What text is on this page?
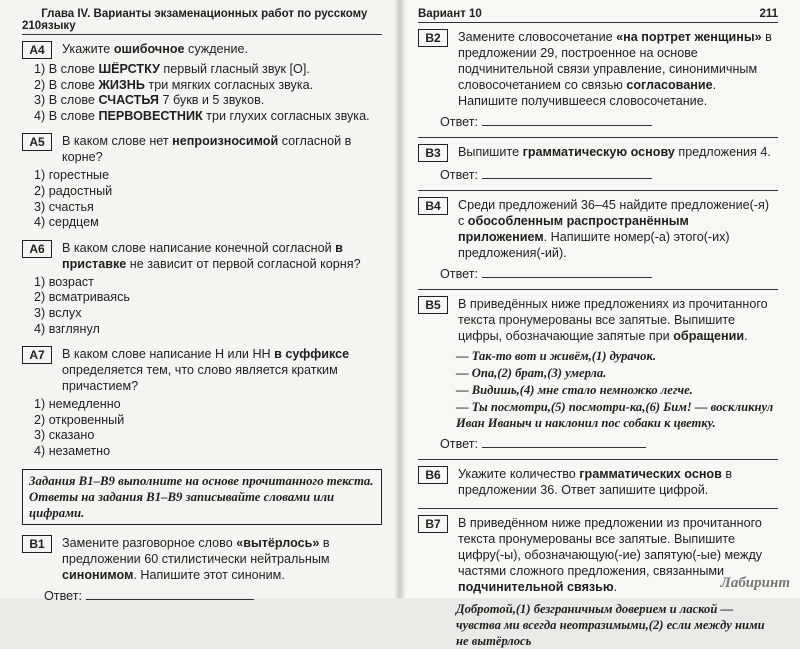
210
Глава IV. Варианты экзаменационных работ по русскому языку
А4	Укажите ошибочное суждение.
1) В слове ШЁРСТКУ первый гласный звук [О].
2) В слове ЖИЗНЬ три мягких согласных звука.
3) В слове СЧАСТЬЯ 7 букв и 5 звуков.
4) В слове ПЕРВОВЕСТНИК три глухих согласных звука.
А5	В каком слове нет непроизносимой согласной в корне?
1) горестные
2) радостный
3) счастья
4) сердцем
А6	В каком слове написание конечной согласной в приставке не зависит от первой согласной корня?
1) возраст
2) всматриваясь
3) вслух
4) взглянул
А7	В каком слове написание Н или НН в суффиксе определяется тем, что слово является кратким причастием?
1) немедленно
2) откровенный
3) сказано
4) незаметно
Задания В1–В9 выполните на основе прочитанного текста. Ответы на задания В1–В9 записывайте словами или цифрами.
В1	Замените разговорное слово «вытёрлось» в предложении 60 стилистически нейтральным синонимом. Напишите этот синоним.
Ответ:
Вариант 10	211
В2	Замените словосочетание «на портрет женщины» в предложении 29, построенное на основе подчинительной связи управление, синонимичным словосочетанием со связью согласование. Напишите получившееся словосочетание.
Ответ:
В3	Выпишите грамматическую основу предложения 4.
Ответ:
В4	Среди предложений 36–45 найдите предложение(-я) с обособленным распространённым приложением. Напишите номер(-а) этого(-их) предложения(-ий).
Ответ:
В5	В приведённых ниже предложениях из прочитанного текста пронумерованы все запятые. Выпишите цифры, обозначающие запятые при обращении.
— Так-то вот и живём,(1) дурачок.
— Опа,(2) брат,(3) умерла.
— Видишь,(4) мне стало немножко легче.
— Ты посмотри,(5) посмотри-ка,(6) Бим! — воскликнул Иван Иваныч и наклонил пос собаки к цветку.
Ответ:
В6	Укажите количество грамматических основ в предложении 36. Ответ запишите цифрой.
В7	В приведённом ниже предложении из прочитанного текста пронумерованы все запятые. Выпишите цифру(-ы), обозначающую(-ие) запятую(-ые) между частями сложного предложения, связанными подчинительной связью.
Добротой,(1) безграничным доверием и лаской — чувства ми всегда неотразимыми,(2) если между ними не вытёрлось
Лабиринт
